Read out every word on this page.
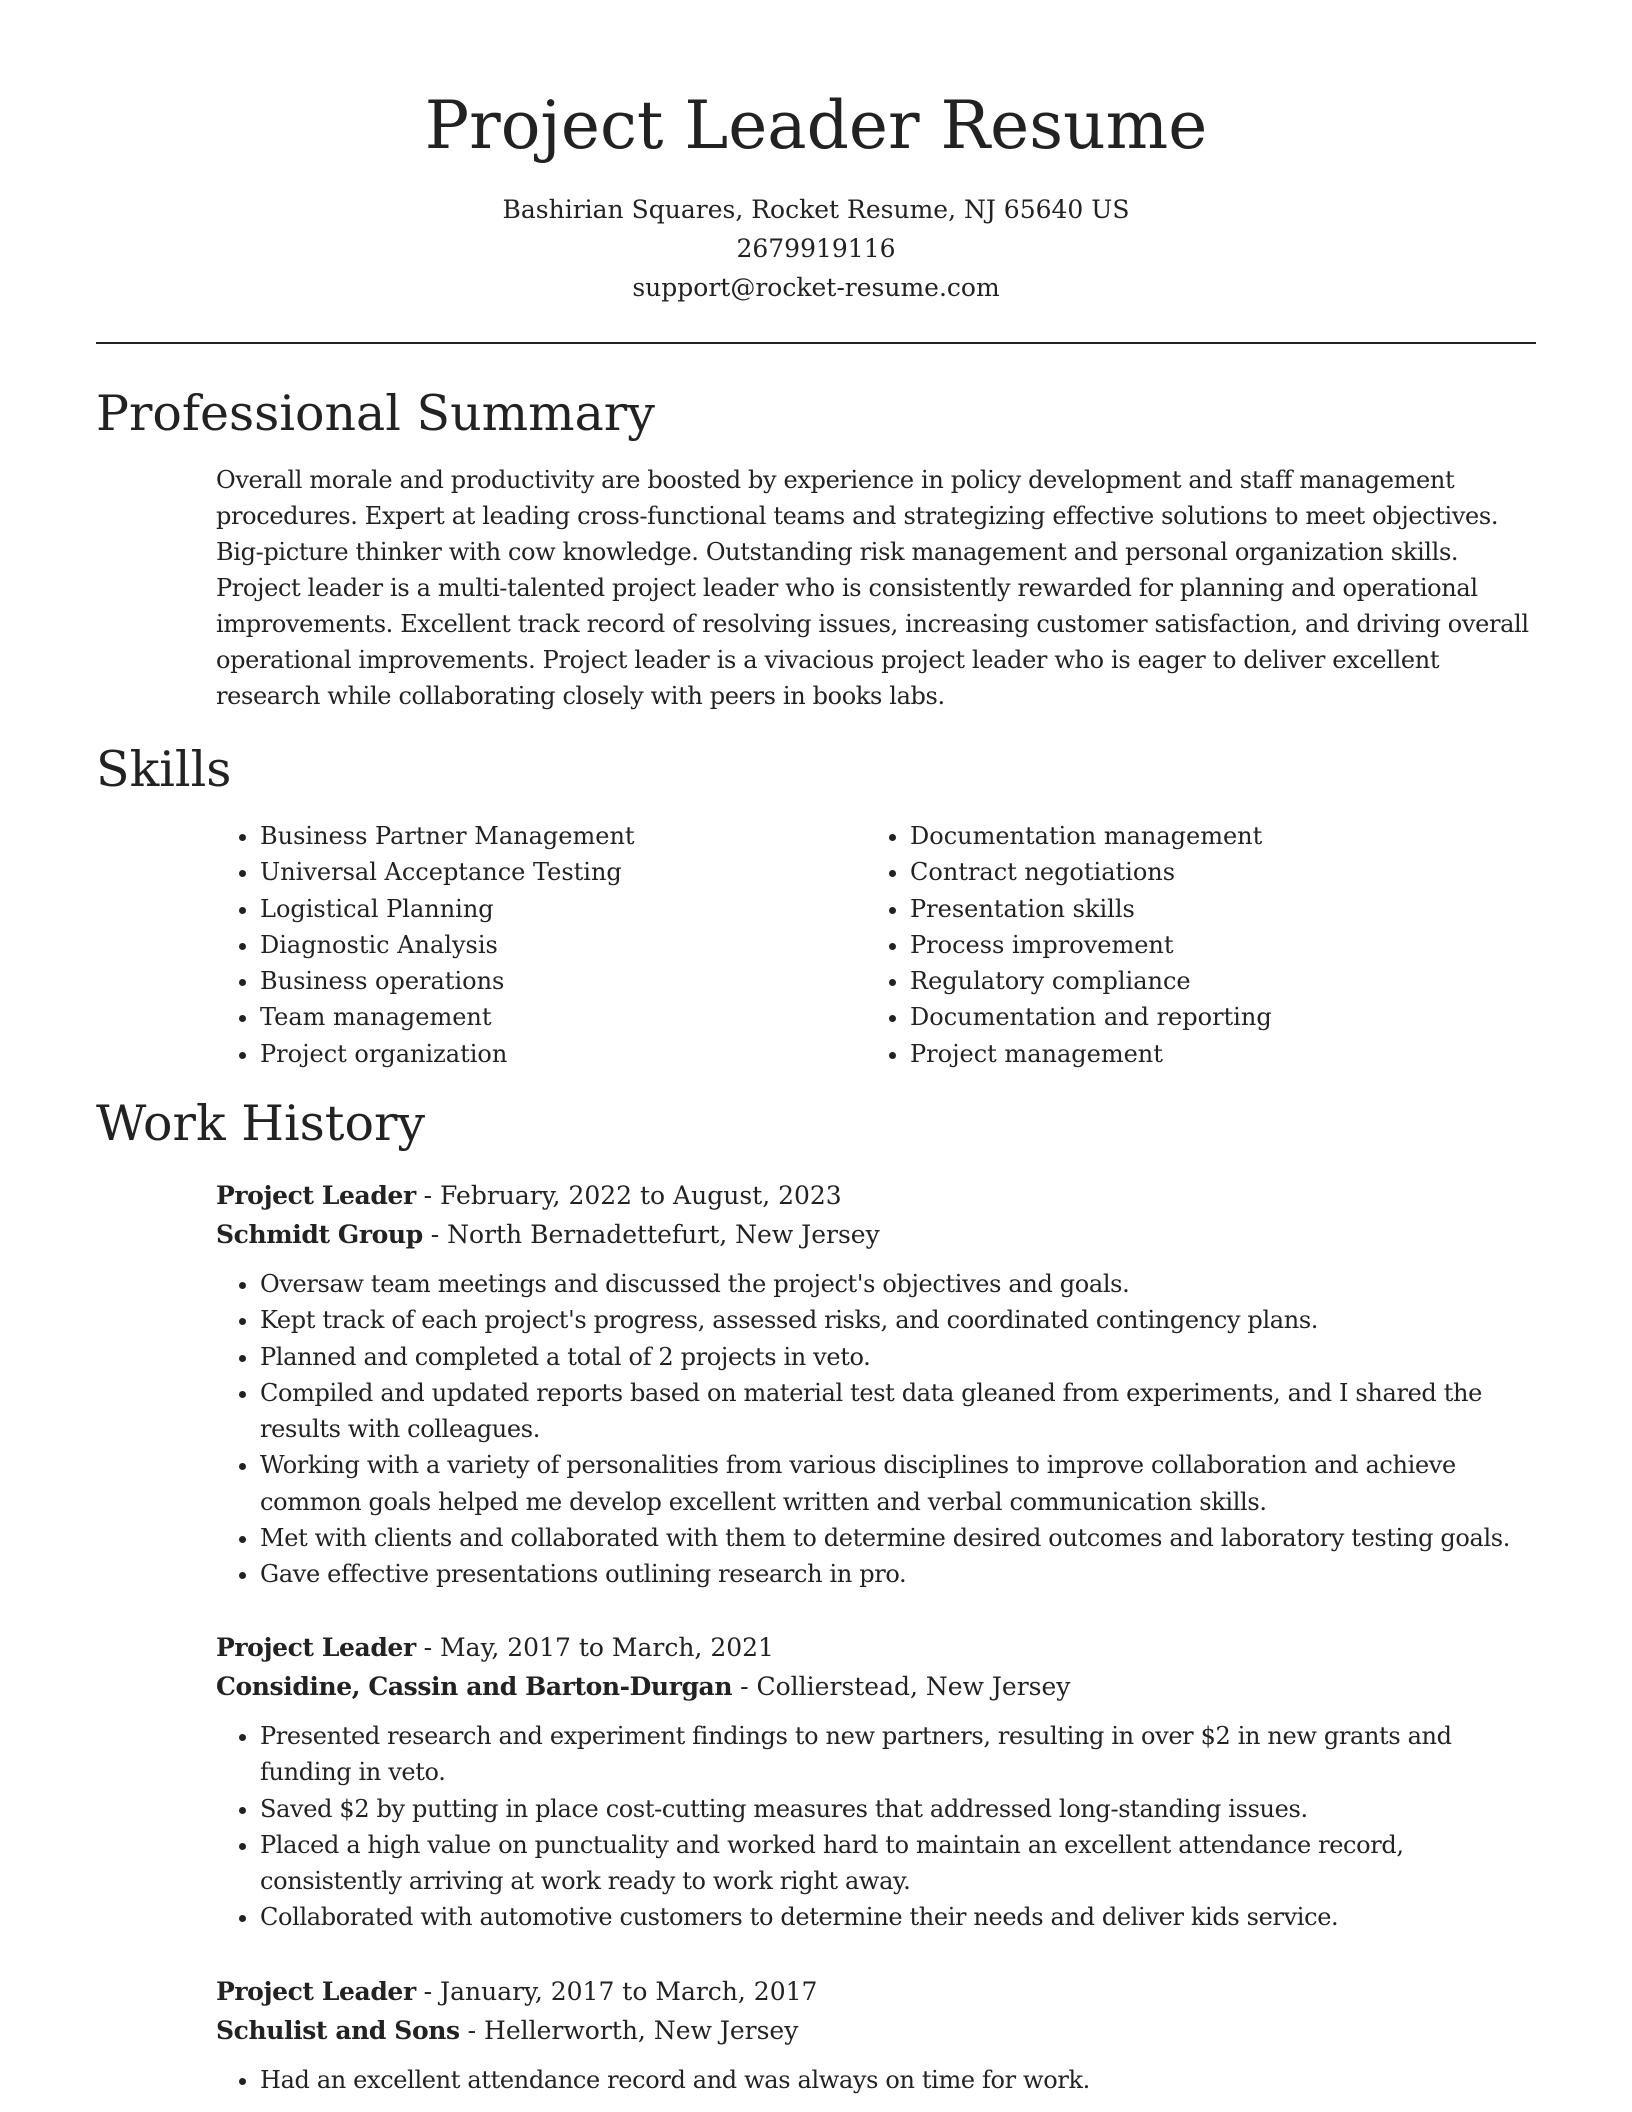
Project Leader Resume
Bashirian Squares, Rocket Resume, NJ 65640 US
2679919116
support@rocket-resume.com
Professional Summary

Overall morale and productivity are boosted by experience in policy development and staff management procedures. Expert at leading cross-functional teams and strategizing effective solutions to meet objectives. Big-picture thinker with cow knowledge. Outstanding risk management and personal organization skills. Project leader is a multi-talented project leader who is consistently rewarded for planning and operational improvements. Excellent track record of resolving issues, increasing customer satisfaction, and driving overall operational improvements. Project leader is a vivacious project leader who is eager to deliver excellent research while collaborating closely with peers in books labs.

Skills
• Business Partner Management
• Universal Acceptance Testing
• Logistical Planning
• Diagnostic Analysis
• Business operations
• Team management
• Project organization
• Documentation management
• Contract negotiations
• Presentation skills
• Process improvement
• Regulatory compliance
• Documentation and reporting
• Project management
Work History
Project Leader - February, 2022 to August, 2023
Schmidt Group - North Bernadettefurt, New Jersey
• Oversaw team meetings and discussed the project's objectives and goals.
• Kept track of each project's progress, assessed risks, and coordinated contingency plans.
• Planned and completed a total of 2 projects in veto.
• Compiled and updated reports based on material test data gleaned from experiments, and I shared the results with colleagues.
• Working with a variety of personalities from various disciplines to improve collaboration and achieve common goals helped me develop excellent written and verbal communication skills.
• Met with clients and collaborated with them to determine desired outcomes and laboratory testing goals.
• Gave effective presentations outlining research in pro.
Project Leader - May, 2017 to March, 2021
Considine, Cassin and Barton-Durgan - Collierstead, New Jersey
• Presented research and experiment findings to new partners, resulting in over $2 in new grants and funding in veto.
• Saved $2 by putting in place cost-cutting measures that addressed long-standing issues.
• Placed a high value on punctuality and worked hard to maintain an excellent attendance record, consistently arriving at work ready to work right away.
• Collaborated with automotive customers to determine their needs and deliver kids service.
Project Leader - January, 2017 to March, 2017
Schulist and Sons - Hellerworth, New Jersey
• Had an excellent attendance record and was always on time for work.
